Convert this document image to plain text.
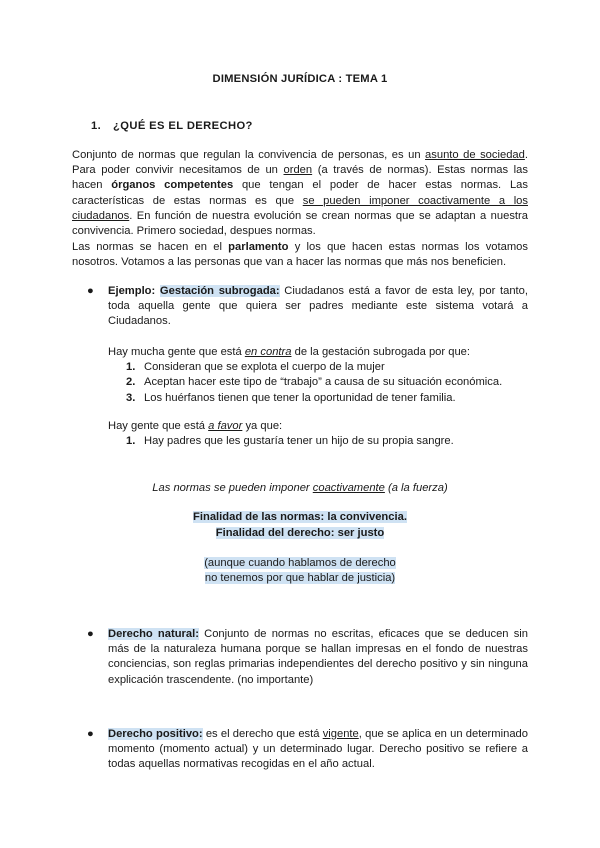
DIMENSIÓN JURÍDICA : TEMA 1
1. ¿QUÉ ES EL DERECHO?
Conjunto de normas que regulan la convivencia de personas, es un asunto de sociedad. Para poder convivir necesitamos de un orden (a través de normas). Estas normas las hacen órganos competentes que tengan el poder de hacer estas normas. Las características de estas normas es que se pueden imponer coactivamente a los ciudadanos. En función de nuestra evolución se crean normas que se adaptan a nuestra convivencia. Primero sociedad, despues normas.
Las normas se hacen en el parlamento y los que hacen estas normas los votamos nosotros. Votamos a las personas que van a hacer las normas que más nos beneficien.
● Ejemplo: Gestación subrogada: Ciudadanos está a favor de esta ley, por tanto, toda aquella gente que quiera ser padres mediante este sistema votará a Ciudadanos.
Hay mucha gente que está en contra de la gestación subrogada por que:
1. Consideran que se explota el cuerpo de la mujer
2. Aceptan hacer este tipo de “trabajo” a causa de su situación económica.
3. Los huérfanos tienen que tener la oportunidad de tener familia.
Hay gente que está a favor ya que:
1. Hay padres que les gustaría tener un hijo de su propia sangre.
Las normas se pueden imponer coactivamente (a la fuerza)
Finalidad de las normas: la convivencia.
Finalidad del derecho: ser justo
(aunque cuando hablamos de derecho
no tenemos por que hablar de justicia)
● Derecho natural: Conjunto de normas no escritas, eficaces que se deducen sin más de la naturaleza humana porque se hallan impresas en el fondo de nuestras conciencias, son reglas primarias independientes del derecho positivo y sin ninguna explicación trascendente. (no importante)
● Derecho positivo: es el derecho que está vigente, que se aplica en un determinado momento (momento actual) y un determinado lugar. Derecho positivo se refiere a todas aquellas normativas recogidas en el año actual.
